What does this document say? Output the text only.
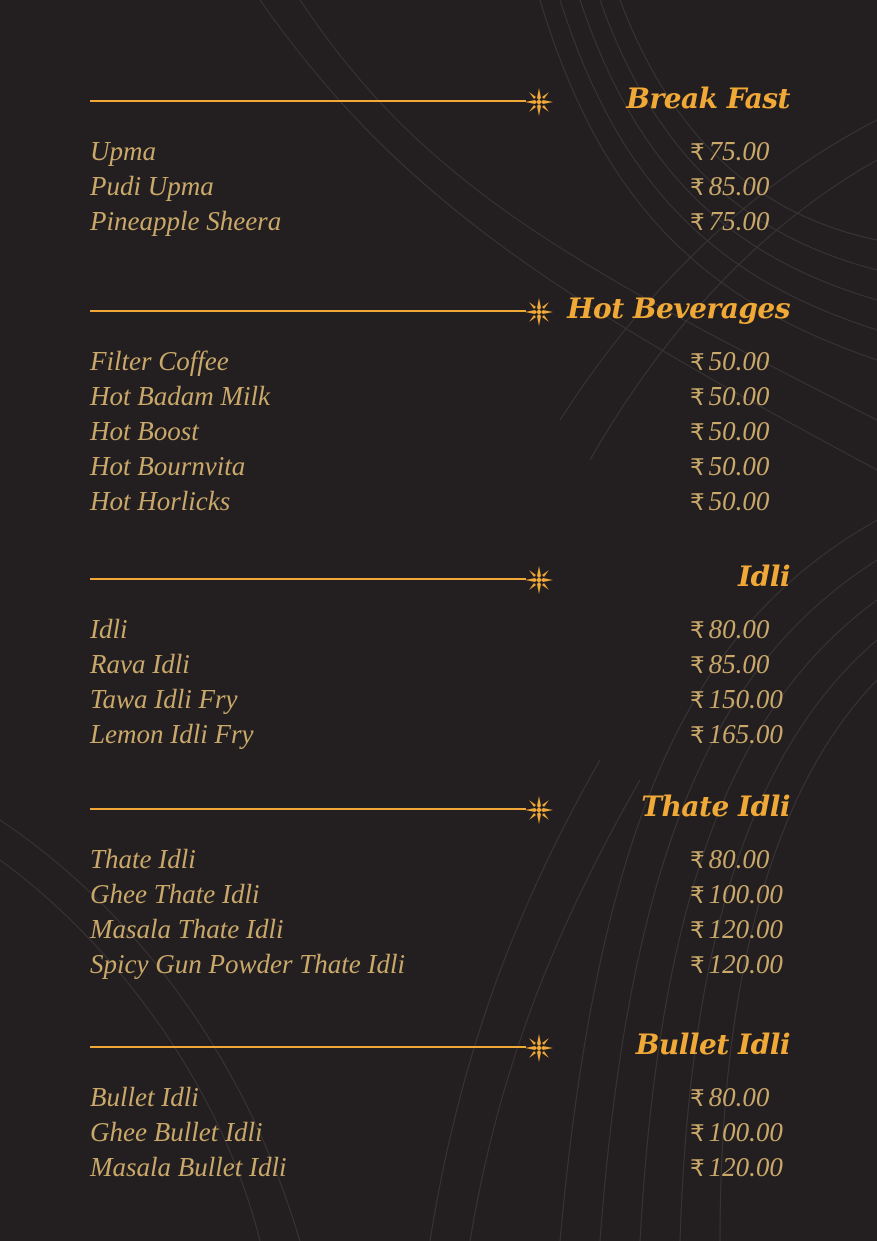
Break Fast
Upma	₹ 75.00
Pudi Upma	₹ 85.00
Pineapple Sheera	₹ 75.00
Hot Beverages
Filter Coffee	₹ 50.00
Hot Badam Milk	₹ 50.00
Hot Boost	₹ 50.00
Hot Bournvita	₹ 50.00
Hot Horlicks	₹ 50.00
Idli
Idli	₹ 80.00
Rava Idli	₹ 85.00
Tawa Idli Fry	₹ 150.00
Lemon Idli Fry	₹ 165.00
Thate Idli
Thate Idli	₹ 80.00
Ghee Thate Idli	₹ 100.00
Masala Thate Idli	₹ 120.00
Spicy Gun Powder Thate Idli	₹ 120.00
Bullet Idli
Bullet Idli	₹ 80.00
Ghee Bullet Idli	₹ 100.00
Masala Bullet Idli	₹ 120.00
